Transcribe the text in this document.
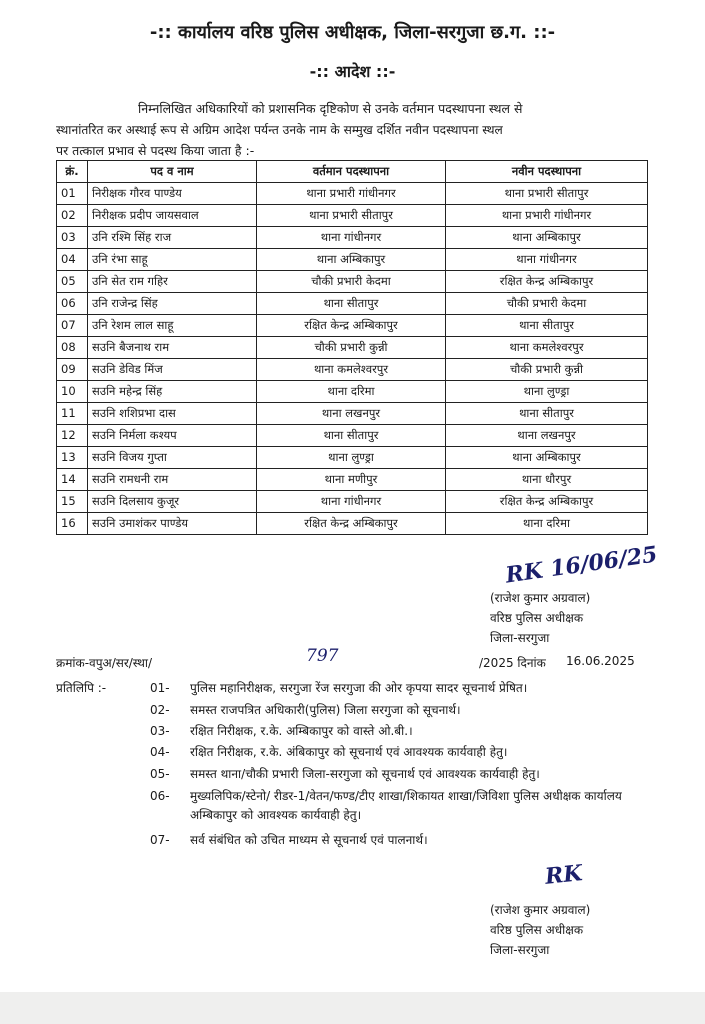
-:: कार्यालय वरिष्ठ पुलिस अधीक्षक, जिला-सरगुजा छ.ग. ::-
-:: आदेश ::-
निम्नलिखित अधिकारियों को प्रशासनिक दृष्टिकोण से उनके वर्तमान पदस्थापना स्थल से
स्थानांतरित कर अस्थाई रूप से अग्रिम आदेश पर्यन्त उनके नाम के सम्मुख दर्शित नवीन पदस्थापना स्थल
पर तत्काल प्रभाव से पदस्थ किया जाता है :-
क्रं.	पद व नाम	वर्तमान पदस्थापना	नवीन पदस्थापना
01	निरीक्षक गौरव पाण्डेय	थाना प्रभारी गांधीनगर	थाना प्रभारी सीतापुर
02	निरीक्षक प्रदीप जायसवाल	थाना प्रभारी सीतापुर	थाना प्रभारी गांधीनगर
03	उनि रश्मि सिंह राज	थाना गांधीनगर	थाना अम्बिकापुर
04	उनि रंभा साहू	थाना अम्बिकापुर	थाना गांधीनगर
05	उनि सेत राम गहिर	चौकी प्रभारी केदमा	रक्षित केन्द्र अम्बिकापुर
06	उनि राजेन्द्र सिंह	थाना सीतापुर	चौकी प्रभारी केदमा
07	उनि रेशम लाल साहू	रक्षित केन्द्र अम्बिकापुर	थाना सीतापुर
08	सउनि बैजनाथ राम	चौकी प्रभारी कुन्नी	थाना कमलेश्वरपुर
09	सउनि डेविड मिंज	थाना कमलेश्वरपुर	चौकी प्रभारी कुन्नी
10	सउनि महेन्द्र सिंह	थाना दरिमा	थाना लुण्ड्रा
11	सउनि शशिप्रभा दास	थाना लखनपुर	थाना सीतापुर
12	सउनि निर्मला कश्यप	थाना सीतापुर	थाना लखनपुर
13	सउनि विजय गुप्ता	थाना लुण्ड्रा	थाना अम्बिकापुर
14	सउनि रामधनी राम	थाना मणीपुर	थाना धौरपुर
15	सउनि दिलसाय कुजूर	थाना गांधीनगर	रक्षित केन्द्र अम्बिकापुर
16	सउनि उमाशंकर पाण्डेय	रक्षित केन्द्र अम्बिकापुर	थाना दरिमा
RK 16/06/25
(राजेश कुमार अग्रवाल)
वरिष्ठ पुलिस अधीक्षक
जिला-सरगुजा
क्रमांक-वपुअ/सर/स्था/	797	/2025 दिनांक 16.06.2025
प्रतिलिपि :-	01- पुलिस महानिरीक्षक, सरगुजा रेंज सरगुजा की ओर कृपया सादर सूचनार्थ प्रेषित।
02- समस्त राजपत्रित अधिकारी(पुलिस) जिला सरगुजा को सूचनार्थ।
03- रक्षित निरीक्षक, र.के. अम्बिकापुर को वास्ते ओ.बी.।
04- रक्षित निरीक्षक, र.के. अंबिकापुर को सूचनार्थ एवं आवश्यक कार्यवाही हेतु।
05- समस्त थाना/चौकी प्रभारी जिला-सरगुजा को सूचनार्थ एवं आवश्यक कार्यवाही हेतु।
06- मुख्यलिपिक/स्टेनो/ रीडर-1/वेतन/फण्ड/टीए शाखा/शिकायत शाखा/जिविशा पुलिस अधीक्षक कार्यालय अम्बिकापुर को आवश्यक कार्यवाही हेतु।
07- सर्व संबंधित को उचित माध्यम से सूचनार्थ एवं पालनार्थ।
RK
(राजेश कुमार अग्रवाल)
वरिष्ठ पुलिस अधीक्षक
जिला-सरगुजा
